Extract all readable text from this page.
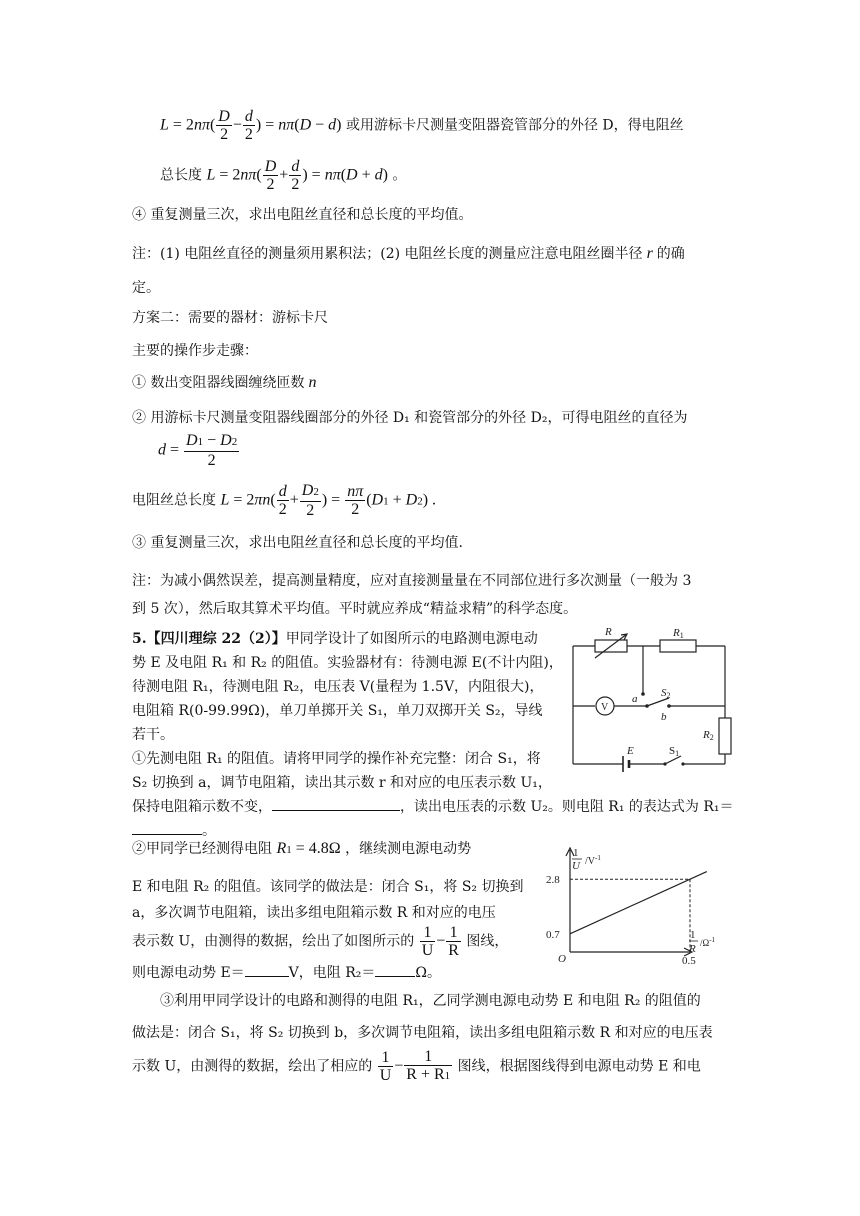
$L = 2n\pi( \frac{D}{2} - \frac{d}{2}$ ) = nπ(D − d) 或用游标卡尺测量变阻器瓷管部分的外径 D，得电阻丝
总长度 $L = 2n\pi( \frac{D}{2} + \frac{d}{2}$ ) = nπ(D + d) 。
④ 重复测量三次，求出电阻丝直径和总长度的平均值。
注：(1) 电阻丝直径的测量须用累积法；(2) 电阻丝长度的测量应注意电阻丝圈半径 r 的确
定。
方案二：需要的器材：游标卡尺
主要的操作步走骤：
① 数出变阻器线圈缠绕匝数 n
② 用游标卡尺测量变阻器线圈部分的外径 D₁ 和瓷管部分的外径 D₂，可得电阻丝的直径为
$d = \frac{D1 - D2}{2}$
电阻丝总长度 $L = 2\pi n( \frac{d}{2} + \frac{D2}{2}$ ) = $\frac{n\pi}{2} (D1 + D2)$ .
③ 重复测量三次，求出电阻丝直径和总长度的平均值.
注：为减小偶然误差，提高测量精度，应对直接测量量在不同部位进行多次测量（一般为 3
到 5 次），然后取其算术平均值。平时就应养成“精益求精”的科学态度。
5.【四川理综 22（2）】甲同学设计了如图所示的电路测电源电动
势 E 及电阻 R₁ 和 R₂ 的阻值。实验器材有：待测电源 E(不计内阻)，
待测电阻 R₁，待测电阻 R₂，电压表 V(量程为 1.5V，内阻很大)，
电阻箱 R(0-99.99Ω)，单刀单掷开关 S₁，单刀双掷开关 S₂，导线
若干。
①先测电阻 R₁ 的阻值。请将甲同学的操作补充完整：闭合 S₁，将
S₂ 切换到 a，调节电阻箱，读出其示数 r 和对应的电压表示数 U₁，
保持电阻箱示数不变，	，读出电压表的示数 U₂。则电阻 R₁ 的表达式为 R₁＝
。
②甲同学已经测得电阻 R1 = 4.8Ω ，继续测电源电动势
E 和电阻 R₂ 的阻值。该同学的做法是：闭合 S₁，将 S₂ 切换到
a，多次调节电阻箱，读出多组电阻箱示数 R 和对应的电压
表示数 U，由测得的数据，绘出了如图所示的 $\frac{1}{U} - \frac{1}{R}$ 图线，
则电源电动势 E＝	V，电阻 R₂＝	Ω。
③利用甲同学设计的电路和测得的电阻 R₁，乙同学测电源电动势 E 和电阻 R₂ 的阻值的
做法是：闭合 S₁，将 S₂ 切换到 b，多次调节电阻箱，读出多组电阻箱示数 R 和对应的电压表
示数 U，由测得的数据，绘出了相应的 $\frac{1}{U} - \frac{1}{R + R1}$ 图线，根据图线得到电源电动势 E 和电
R	R1
a S2
b
R2
E	S1
V
1
U $/V^{-1}$
2.8
0.7
O	0.5
1
R $/\Omega^{-1}$
